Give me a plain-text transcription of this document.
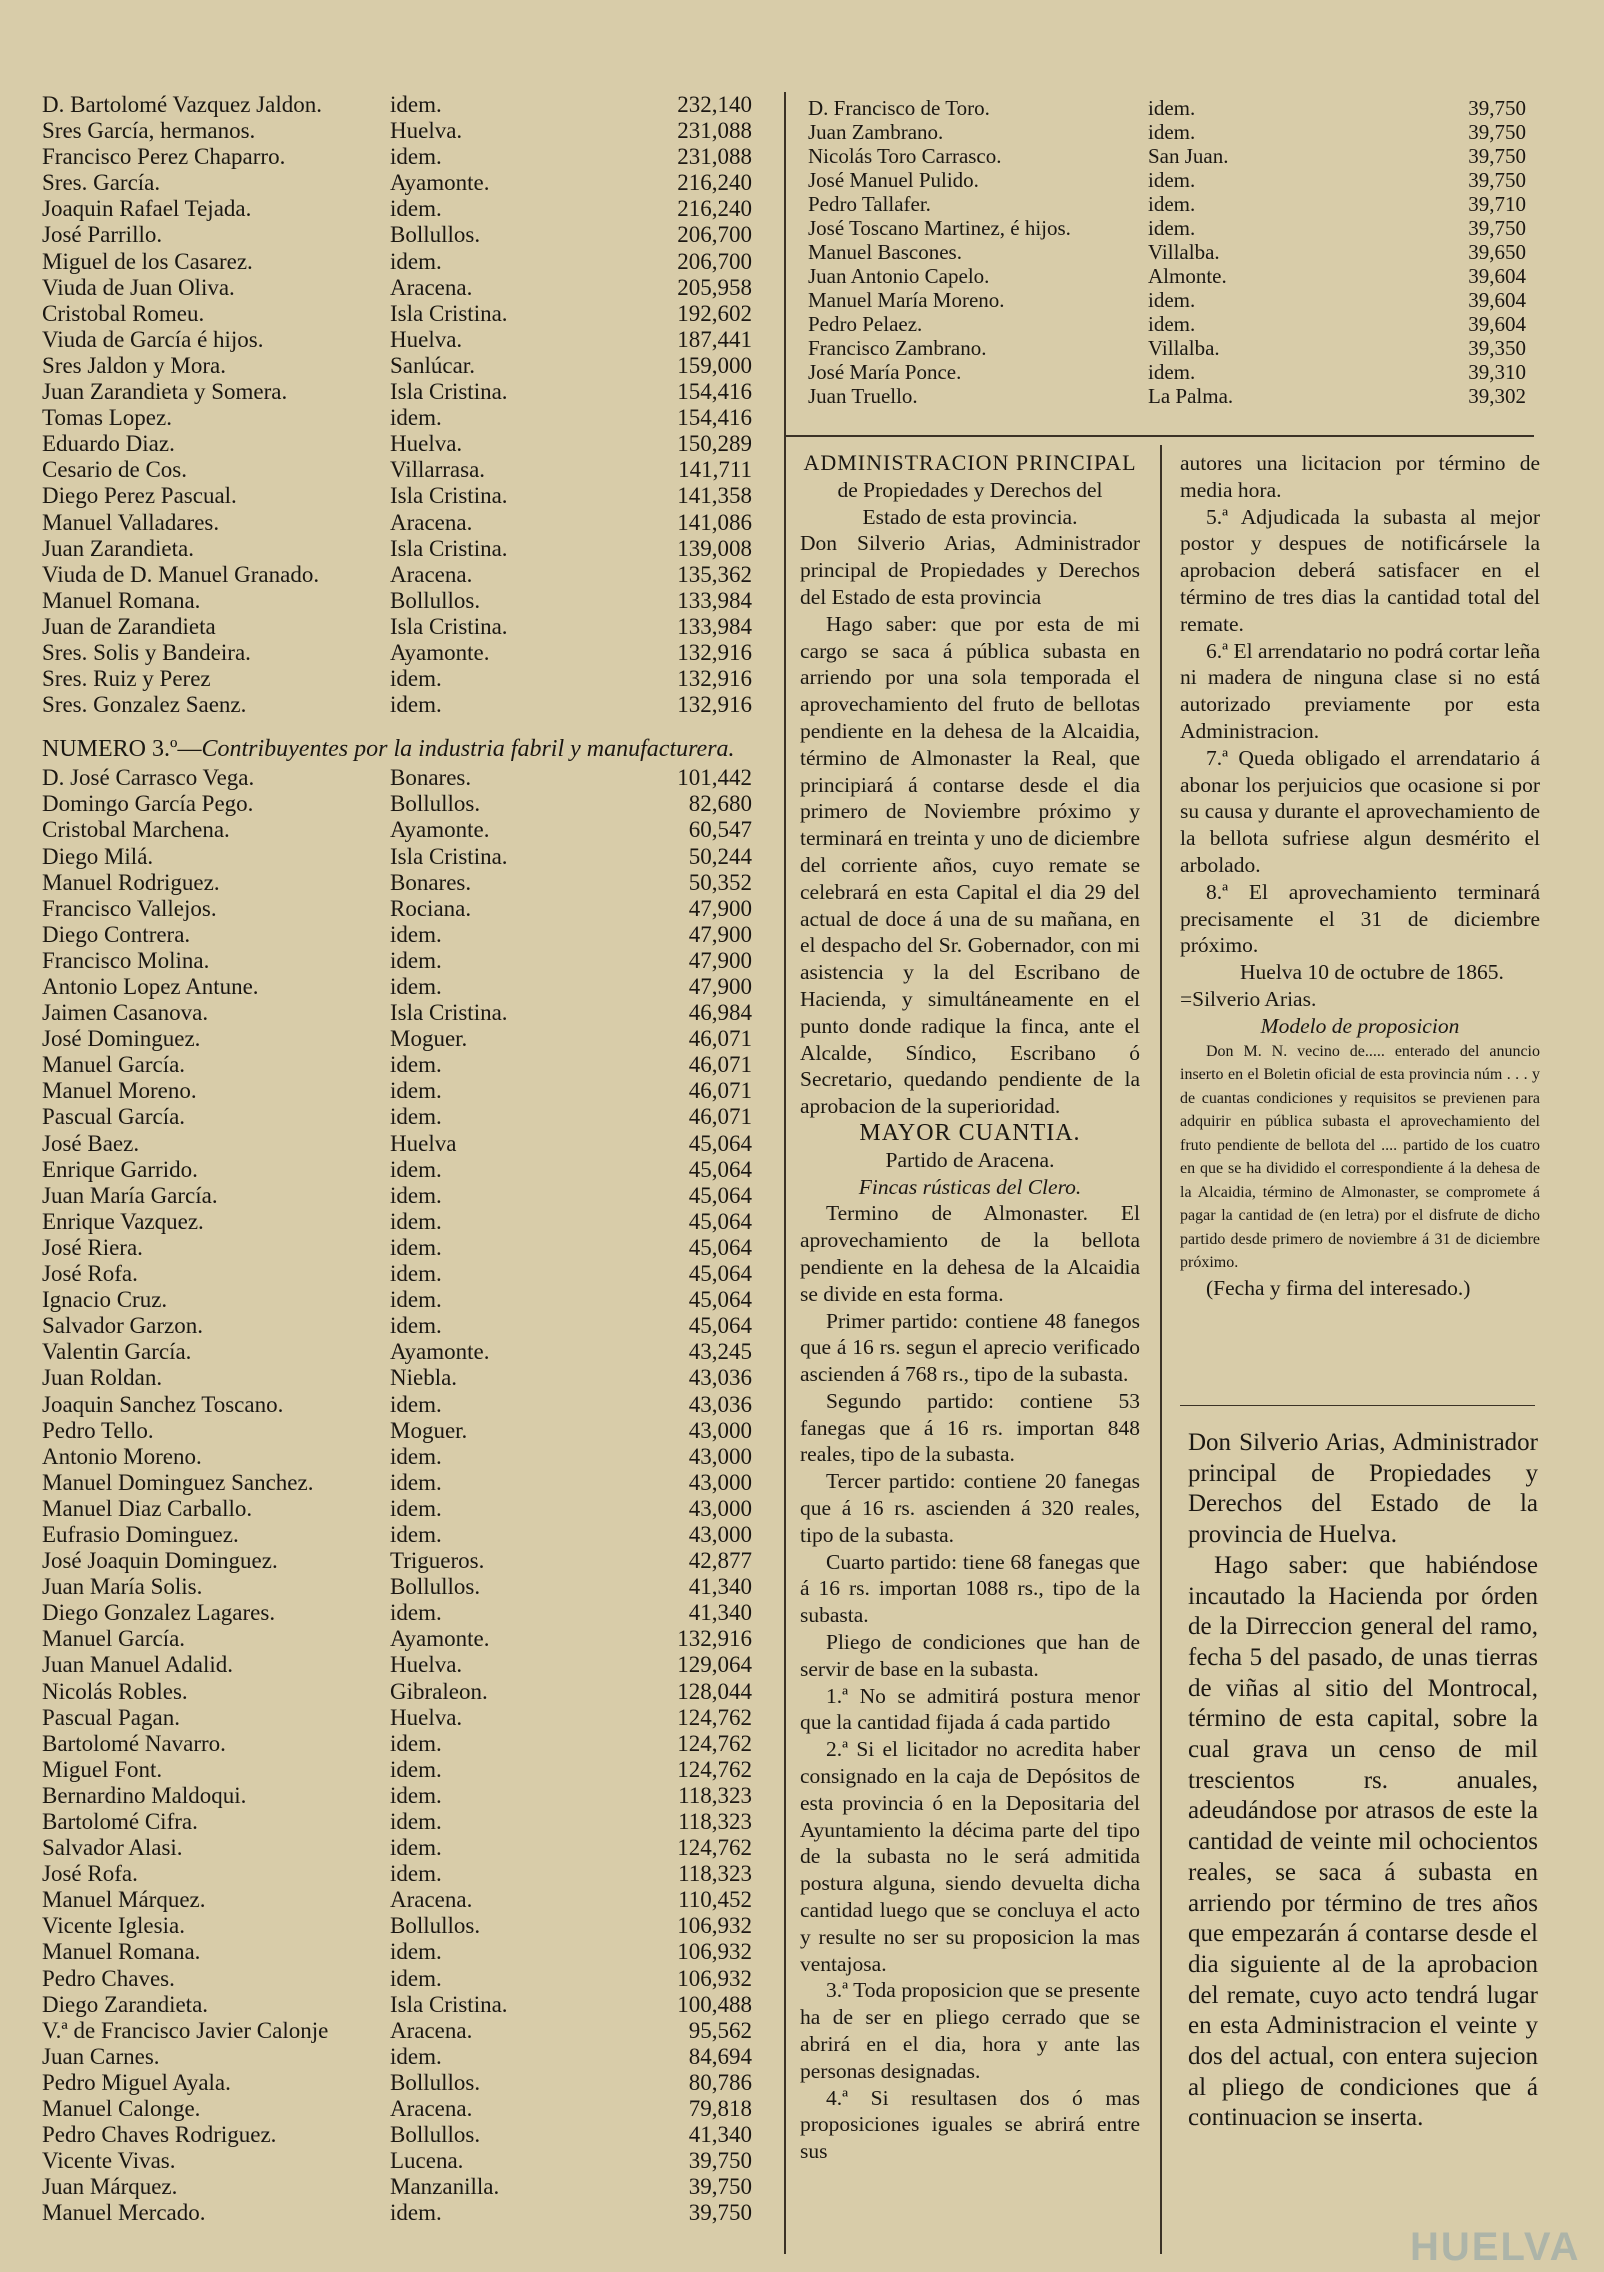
D. Bartolomé Vazquez Jaldon.	idem.	232,140
Sres García, hermanos.	Huelva.	231,088
Francisco Perez Chaparro.	idem.	231,088
Sres. García.	Ayamonte.	216,240
Joaquin Rafael Tejada.	idem.	216,240
José Parrillo.	Bollullos.	206,700
Miguel de los Casarez.	idem.	206,700
Viuda de Juan Oliva.	Aracena.	205,958
Cristobal Romeu.	Isla Cristina.	192,602
Viuda de García é hijos.	Huelva.	187,441
Sres Jaldon y Mora.	Sanlúcar.	159,000
Juan Zarandieta y Somera.	Isla Cristina.	154,416
Tomas Lopez.	idem.	154,416
Eduardo Diaz.	Huelva.	150,289
Cesario de Cos.	Villarrasa.	141,711
Diego Perez Pascual.	Isla Cristina.	141,358
Manuel Valladares.	Aracena.	141,086
Juan Zarandieta.	Isla Cristina.	139,008
Viuda de D. Manuel Granado.	Aracena.	135,362
Manuel Romana.	Bollullos.	133,984
Juan de Zarandieta	Isla Cristina.	133,984
Sres. Solis y Bandeira.	Ayamonte.	132,916
Sres. Ruiz y Perez	idem.	132,916
Sres. Gonzalez Saenz.	idem.	132,916
NUMERO 3.º—Contribuyentes por la industria fabril y manufacturera.
D. José Carrasco Vega.	Bonares.	101,442
Domingo García Pego.	Bollullos.	82,680
Cristobal Marchena.	Ayamonte.	60,547
Diego Milá.	Isla Cristina.	50,244
Manuel Rodriguez.	Bonares.	50,352
Francisco Vallejos.	Rociana.	47,900
Diego Contrera.	idem.	47,900
Francisco Molina.	idem.	47,900
Antonio Lopez Antune.	idem.	47,900
Jaimen Casanova.	Isla Cristina.	46,984
José Dominguez.	Moguer.	46,071
Manuel García.	idem.	46,071
Manuel Moreno.	idem.	46,071
Pascual García.	idem.	46,071
José Baez.	Huelva	45,064
Enrique Garrido.	idem.	45,064
Juan María García.	idem.	45,064
Enrique Vazquez.	idem.	45,064
José Riera.	idem.	45,064
José Rofa.	idem.	45,064
Ignacio Cruz.	idem.	45,064
Salvador Garzon.	idem.	45,064
Valentin García.	Ayamonte.	43,245
Juan Roldan.	Niebla.	43,036
Joaquin Sanchez Toscano.	idem.	43,036
Pedro Tello.	Moguer.	43,000
Antonio Moreno.	idem.	43,000
Manuel Dominguez Sanchez.	idem.	43,000
Manuel Diaz Carballo.	idem.	43,000
Eufrasio Dominguez.	idem.	43,000
José Joaquin Dominguez.	Trigueros.	42,877
Juan María Solis.	Bollullos.	41,340
Diego Gonzalez Lagares.	idem.	41,340
Manuel García.	Ayamonte.	132,916
Juan Manuel Adalid.	Huelva.	129,064
Nicolás Robles.	Gibraleon.	128,044
Pascual Pagan.	Huelva.	124,762
Bartolomé Navarro.	idem.	124,762
Miguel Font.	idem.	124,762
Bernardino Maldoqui.	idem.	118,323
Bartolomé Cifra.	idem.	118,323
Salvador Alasi.	idem.	124,762
José Rofa.	idem.	118,323
Manuel Márquez.	Aracena.	110,452
Vicente Iglesia.	Bollullos.	106,932
Manuel Romana.	idem.	106,932
Pedro Chaves.	idem.	106,932
Diego Zarandieta.	Isla Cristina.	100,488
V.ª de Francisco Javier Calonje	Aracena.	95,562
Juan Carnes.	idem.	84,694
Pedro Miguel Ayala.	Bollullos.	80,786
Manuel Calonge.	Aracena.	79,818
Pedro Chaves Rodriguez.	Bollullos.	41,340
Vicente Vivas.	Lucena.	39,750
Juan Márquez.	Manzanilla.	39,750
Manuel Mercado.	idem.	39,750
D. Francisco de Toro.	idem.	39,750
Juan Zambrano.	idem.	39,750
Nicolás Toro Carrasco.	San Juan.	39,750
José Manuel Pulido.	idem.	39,750
Pedro Tallafer.	idem.	39,710
José Toscano Martinez, é hijos.	idem.	39,750
Manuel Bascones.	Villalba.	39,650
Juan Antonio Capelo.	Almonte.	39,604
Manuel María Moreno.	idem.	39,604
Pedro Pelaez.	idem.	39,604
Francisco Zambrano.	Villalba.	39,350
José María Ponce.	idem.	39,310
Juan Truello.	La Palma.	39,302

ADMINISTRACION PRINCIPAL

de Propiedades y Derechos del Estado de esta provincia.

Don Silverio Arias, Administrador principal de Propiedades y Derechos del Estado de esta provincia

Hago saber: que por esta de mi cargo se saca á pública subasta en arriendo por una sola temporada el aprovechamiento del fruto de bellotas pendiente en la dehesa de la Alcaidia, término de Almonaster la Real, que principiará á contarse desde el dia primero de Noviembre próximo y terminará en treinta y uno de diciembre del corriente años, cuyo remate se celebrará en esta Capital el dia 29 del actual de doce á una de su mañana, en el despacho del Sr. Gobernador, con mi asistencia y la del Escribano de Hacienda, y simultáneamente en el punto donde radique la finca, ante el Alcalde, Síndico, Escribano ó Secretario, quedando pendiente de la aprobacion de la superioridad.

MAYOR CUANTIA.

Partido de Aracena.

Fincas rústicas del Clero.

Termino de Almonaster. El aprovechamiento de la bellota pendiente en la dehesa de la Alcaidia se divide en esta forma.

Primer partido: contiene 48 fanegos que á 16 rs. segun el aprecio verificado ascienden á 768 rs., tipo de la subasta.

Segundo partido: contiene 53 fanegas que á 16 rs. importan 848 reales, tipo de la subasta.

Tercer partido: contiene 20 fanegas que á 16 rs. ascienden á 320 reales, tipo de la subasta.

Cuarto partido: tiene 68 fanegas que á 16 rs. importan 1088 rs., tipo de la subasta.

Pliego de condiciones que han de servir de base en la subasta.

1.ª No se admitirá postura menor que la cantidad fijada á cada partido

2.ª Si el licitador no acredita haber consignado en la caja de Depósitos de esta provincia ó en la Depositaria del Ayuntamiento la décima parte del tipo de la subasta no le será admitida postura alguna, siendo devuelta dicha cantidad luego que se concluya el acto y resulte no ser su proposicion la mas ventajosa.

3.ª Toda proposicion que se presente ha de ser en pliego cerrado que se abrirá en el dia, hora y ante las personas designadas.

4.ª Si resultasen dos ó mas proposiciones iguales se abrirá entre sus

autores una licitacion por término de media hora.

5.ª Adjudicada la subasta al mejor postor y despues de notificársele la aprobacion deberá satisfacer en el término de tres dias la cantidad total del remate.

6.ª El arrendatario no podrá cortar leña ni madera de ninguna clase si no está autorizado previamente por esta Administracion.

7.ª Queda obligado el arrendatario á abonar los perjuicios que ocasione si por su causa y durante el aprovechamiento de la bellota sufriese algun desmérito el arbolado.

8.ª El aprovechamiento terminará precisamente el 31 de diciembre próximo.

Huelva 10 de octubre de 1865.

=Silverio Arias.

Modelo de proposicion

Don M. N. vecino de..... enterado del anuncio inserto en el Boletin oficial de esta provincia núm . . . y de cuantas condiciones y requisitos se previenen para adquirir en pública subasta el aprovechamiento del fruto pendiente de bellota del .... partido de los cuatro en que se ha dividido el correspondiente á la dehesa de la Alcaidia, término de Almonaster, se compromete á pagar la cantidad de (en letra) por el disfrute de dicho partido desde primero de noviembre á 31 de diciembre próximo.

(Fecha y firma del interesado.)

Don Silverio Arias, Administrador principal de Propiedades y Derechos del Estado de la provincia de Huelva.

Hago saber: que habiéndose incautado la Hacienda por órden de la Dirreccion general del ramo, fecha 5 del pasado, de unas tierras de viñas al sitio del Montrocal, término de esta capital, sobre la cual grava un censo de mil trescientos rs. anuales, adeudándose por atrasos de este la cantidad de veinte mil ochocientos reales, se saca á subasta en arriendo por término de tres años que empezarán á contarse desde el dia siguiente al de la aprobacion del remate, cuyo acto tendrá lugar en esta Administracion el veinte y dos del actual, con entera sujecion al pliego de condiciones que á continuacion se inserta.

HUELVA
